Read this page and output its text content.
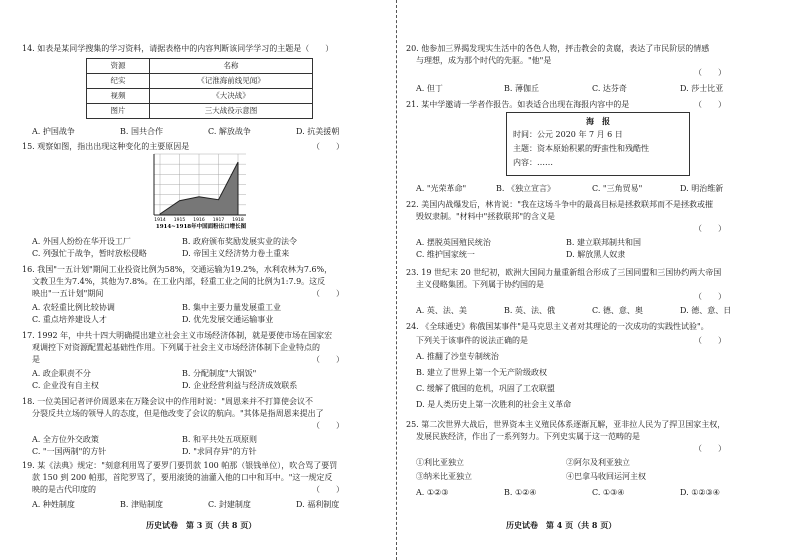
14. 如表是某同学搜集的学习资料，请据表格中的内容判断该同学学习的主题是（　　）
资源	名称
纪实	《记淮海前线见闻》
视频	《大决战》
图片	三大战役示意图
A. 护国战争	B. 国共合作	C. 解放战争	D. 抗美援朝
15. 观察如图，指出出现这种变化的主要原因是	（　　）
1914 1915 1916 1917 1918
1914~1918年中国面粉出口增长图
A. 外国人纷纷在华开设工厂	B. 政府颁布奖励发展实业的法令
C. 列强忙于战争，暂时放松侵略	D. 帝国主义经济势力卷土重来
16. 我国"一五计划"期间工业投资比例为58%，交通运输为19.2%，水利农林为7.6%，
文教卫生为7.4%，其他为7.8%。在工业内部，轻重工业之间的比例为1:7.9。这反
映出"一五计划"期间	（　　）
A. 农轻重比例比较协调	B. 集中主要力量发展重工业
C. 重点培养建设人才	D. 优先发展交通运输事业
17. 1992 年，中共十四大明确提出建立社会主义市场经济体制，就是要使市场在国家宏
观调控下对资源配置起基础性作用。下列属于社会主义市场经济体制下企业特点的
是	（　　）
A. 政企职责不分	B. 分配制度"大锅饭"
C. 企业没有自主权	D. 企业经营利益与经济成效联系
18. 一位美国记者评价周恩来在万隆会议中的作用时说："周恩来并不打算使会议不
分裂反共立场的领导人的态度，但是他改变了会议的航向。"其体是指周恩来提出了
（　　）
A. 全方位外交政策	B. 和平共处五项原则
C. "一国两制"的方针	D. "求同存异"的方针
19. 某《法典》规定："刻意利用骂了要罗门要罚款 100 帕那（银钱单位），吹合骂了要罚
款 150 到 200 帕那，首陀罗骂了，要用滚烫的油灌入他的口中和耳中。"这一规定反
映的是古代印度的	（　　）
A. 种姓制度	B. 津贴制度	C. 封建制度	D. 福利制度
历史试卷　第 3 页（共 8 页）
20. 他参加三界揭发现实生活中的各色人物，抨击教会的贪腐，表达了市民阶层的情感
与理想，成为那个时代的先驱。"他"是
（　　）
A. 但丁	B. 薄伽丘	C. 达芬奇	D. 莎士比亚
21. 某中学邀请一学者作报告。如表适合出现在海报内容中的是	（　　）
海　报
时间：公元 2020 年 7 月 6 日
主题：资本原始积累的野蛮性和残酷性
内容：……
A. "光荣革命"	B. 《独立宣言》	C. "三角贸易"	D. 明治维新
22. 美国内战爆发后，林肯说："我在这场斗争中的最高目标是拯救联邦而不是拯救或摧
毁奴隶制。"材料中"拯救联邦"的含义是
（　　）
A. 摆脱英国殖民统治	B. 建立联邦制共和国
C. 维护国家统一	D. 解放黑人奴隶
23. 19 世纪末 20 世纪初，欧洲大国间力量重新组合形成了三国同盟和三国协约两大帝国
主义侵略集团。下列属于协约国的是
（　　）
A. 英、法、美	B. 英、法、俄	C. 德、意、奥	D. 德、意、日
24. 《全球通史》称俄国某事件"是马克思主义者对其理论的一次成功的实践性试验"。
下列关于该事件的说法正确的是	（　　）
A. 推翻了沙皇专制统治
B. 建立了世界上第一个无产阶级政权
C. 缓解了俄国的危机，巩固了工农联盟
D. 是人类历史上第一次胜利的社会主义革命
25. 第二次世界大战后，世界资本主义殖民体系逐渐瓦解，亚非拉人民为了捍卫国家主权，
发展民族经济，作出了一系列努力。下列史实属于这一范畴的是
（　　）
①利比亚独立	②阿尔及利亚独立
③纳米比亚独立	④巴拿马收回运河主权
A. ①②③	B. ①②④	C. ①③④	D. ①②③④
历史试卷　第 4 页（共 8 页）
